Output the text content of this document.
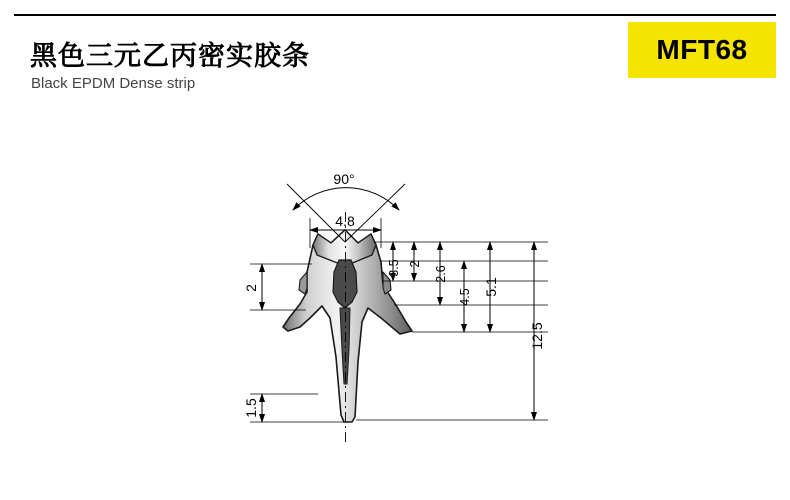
黑色三元乙丙密实胶条
Black EPDM Dense strip
MFT68
90°
4.8
3.5 2
2.6
4.5
5.1
12.5
2
1.5
